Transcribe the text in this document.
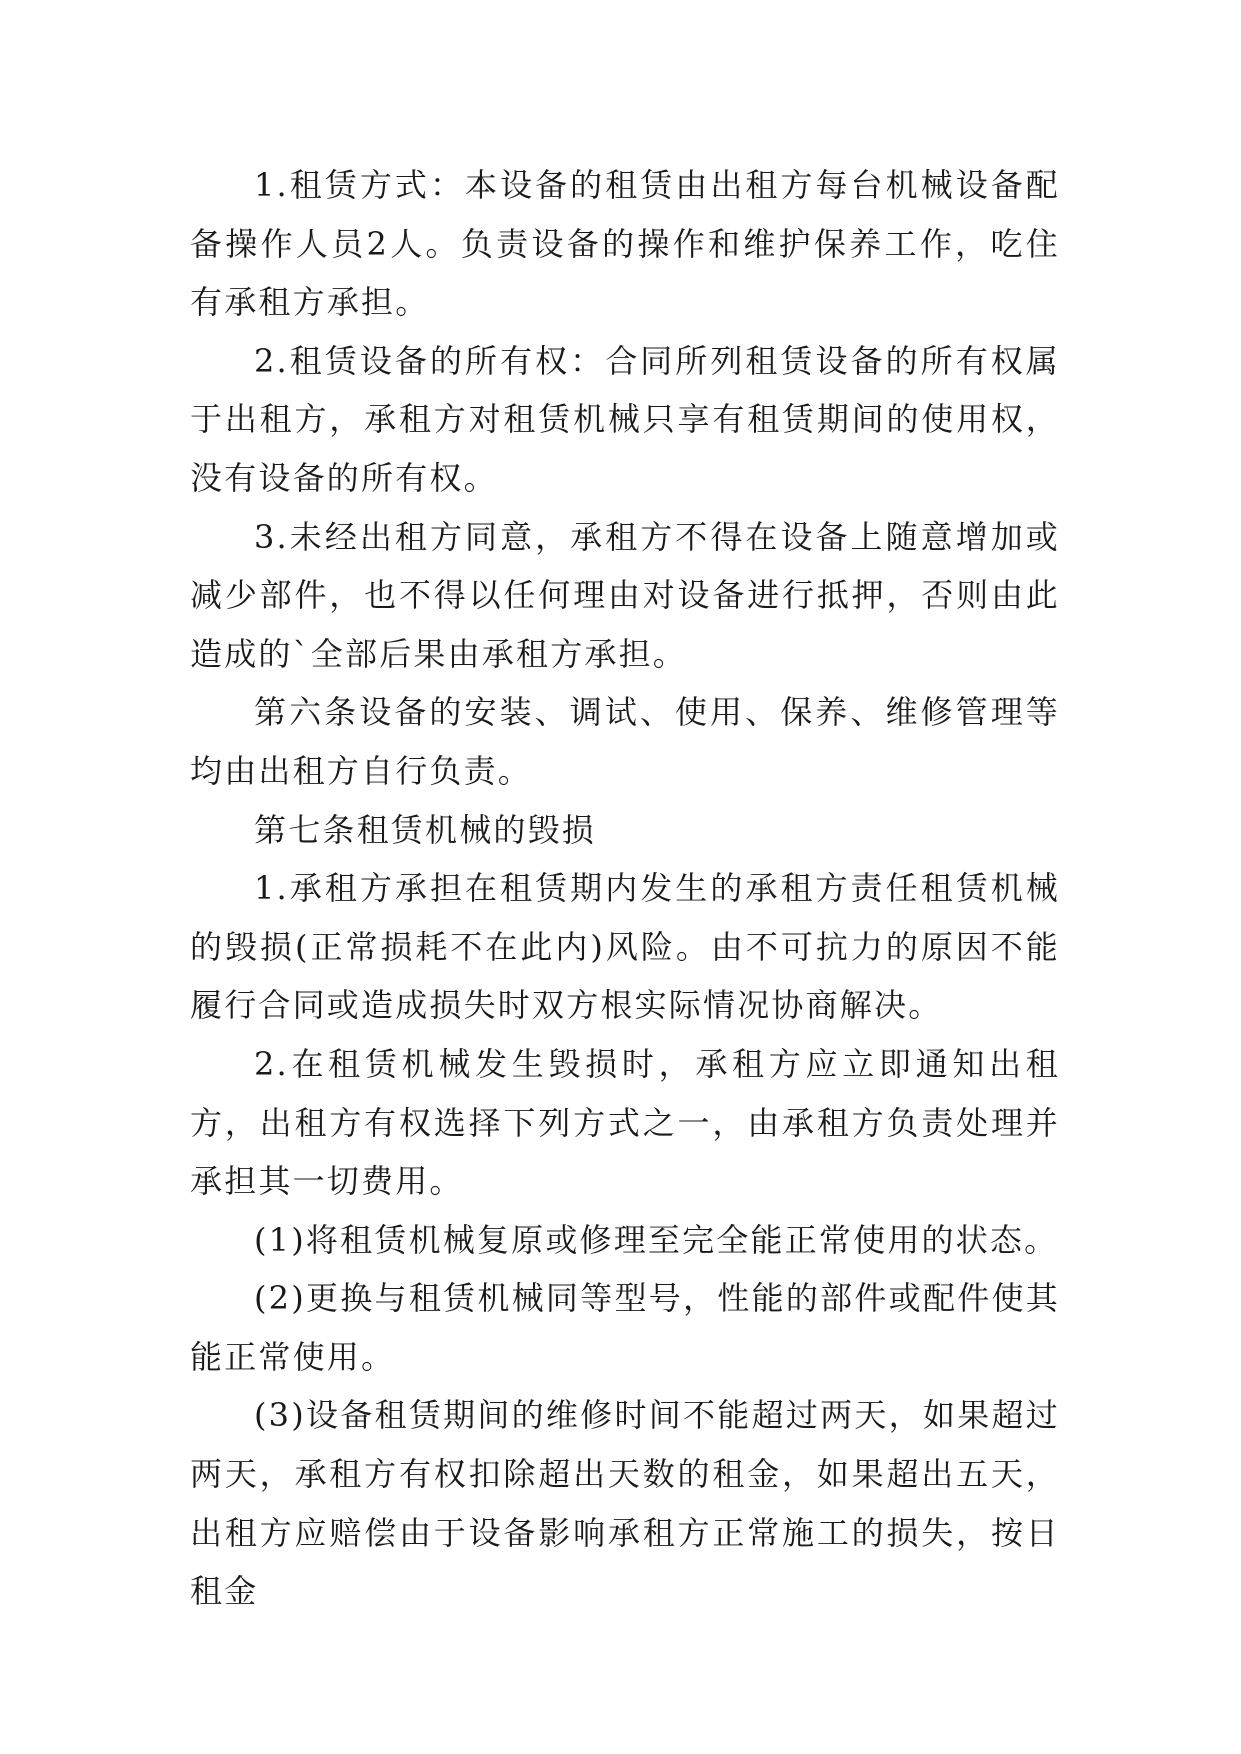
1.租赁方式：本设备的租赁由出租方每台机械设备配备操作人员2人。负责设备的操作和维护保养工作，吃住有承租方承担。

2.租赁设备的所有权：合同所列租赁设备的所有权属于出租方，承租方对租赁机械只享有租赁期间的使用权，没有设备的所有权。

3.未经出租方同意，承租方不得在设备上随意增加或减少部件，也不得以任何理由对设备进行抵押，否则由此造成的`全部后果由承租方承担。

第六条设备的安装、调试、使用、保养、维修管理等均由出租方自行负责。

第七条租赁机械的毁损

1.承租方承担在租赁期内发生的承租方责任租赁机械的毁损(正常损耗不在此内)风险。由不可抗力的原因不能履行合同或造成损失时双方根实际情况协商解决。

2.在租赁机械发生毁损时，承租方应立即通知出租方，出租方有权选择下列方式之一，由承租方负责处理并承担其一切费用。

(1)将租赁机械复原或修理至完全能正常使用的状态。

(2)更换与租赁机械同等型号，性能的部件或配件使其能正常使用。

(3)设备租赁期间的维修时间不能超过两天，如果超过两天，承租方有权扣除超出天数的租金，如果超出五天，出租方应赔偿由于设备影响承租方正常施工的损失，按日租金
